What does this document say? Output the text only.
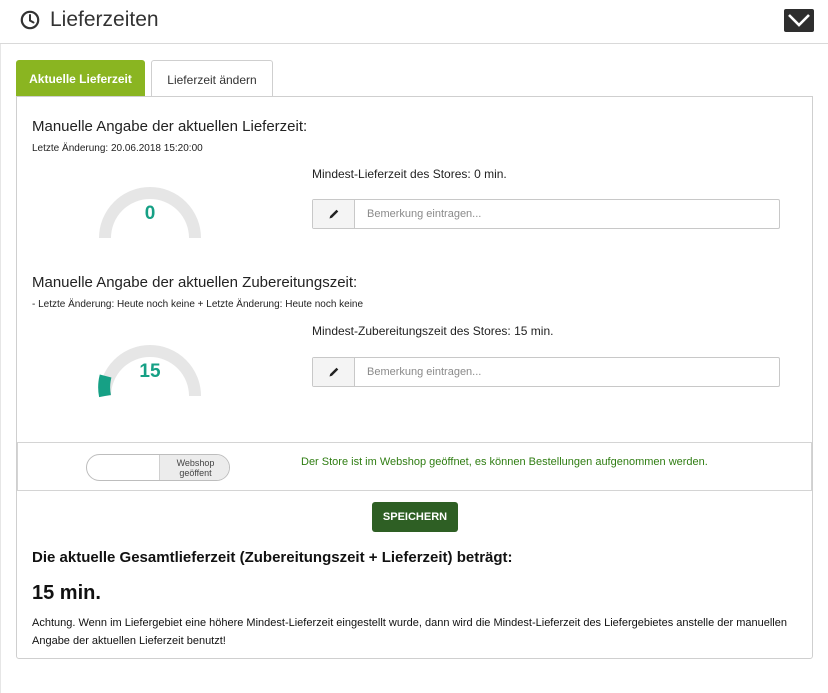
Lieferzeiten
Aktuelle Lieferzeit	Lieferzeit ändern
Manuelle Angabe der aktuellen Lieferzeit:
Letzte Änderung: 20.06.2018 15:20:00
0
Mindest-Lieferzeit des Stores: 0 min.
Bemerkung eintragen...
Manuelle Angabe der aktuellen Zubereitungszeit:
- Letzte Änderung: Heute noch keine + Letzte Änderung: Heute noch keine
15
Mindest-Zubereitungszeit des Stores: 15 min.
Bemerkung eintragen...
Webshop geöffent
Der Store ist im Webshop geöffnet, es können Bestellungen aufgenommen werden.
SPEICHERN
Die aktuelle Gesamtlieferzeit (Zubereitungszeit + Lieferzeit) beträgt:
15 min.
Achtung. Wenn im Liefergebiet eine höhere Mindest-Lieferzeit eingestellt wurde, dann wird die Mindest-Lieferzeit des Liefergebietes anstelle der manuellen Angabe der aktuellen Lieferzeit benutzt!
